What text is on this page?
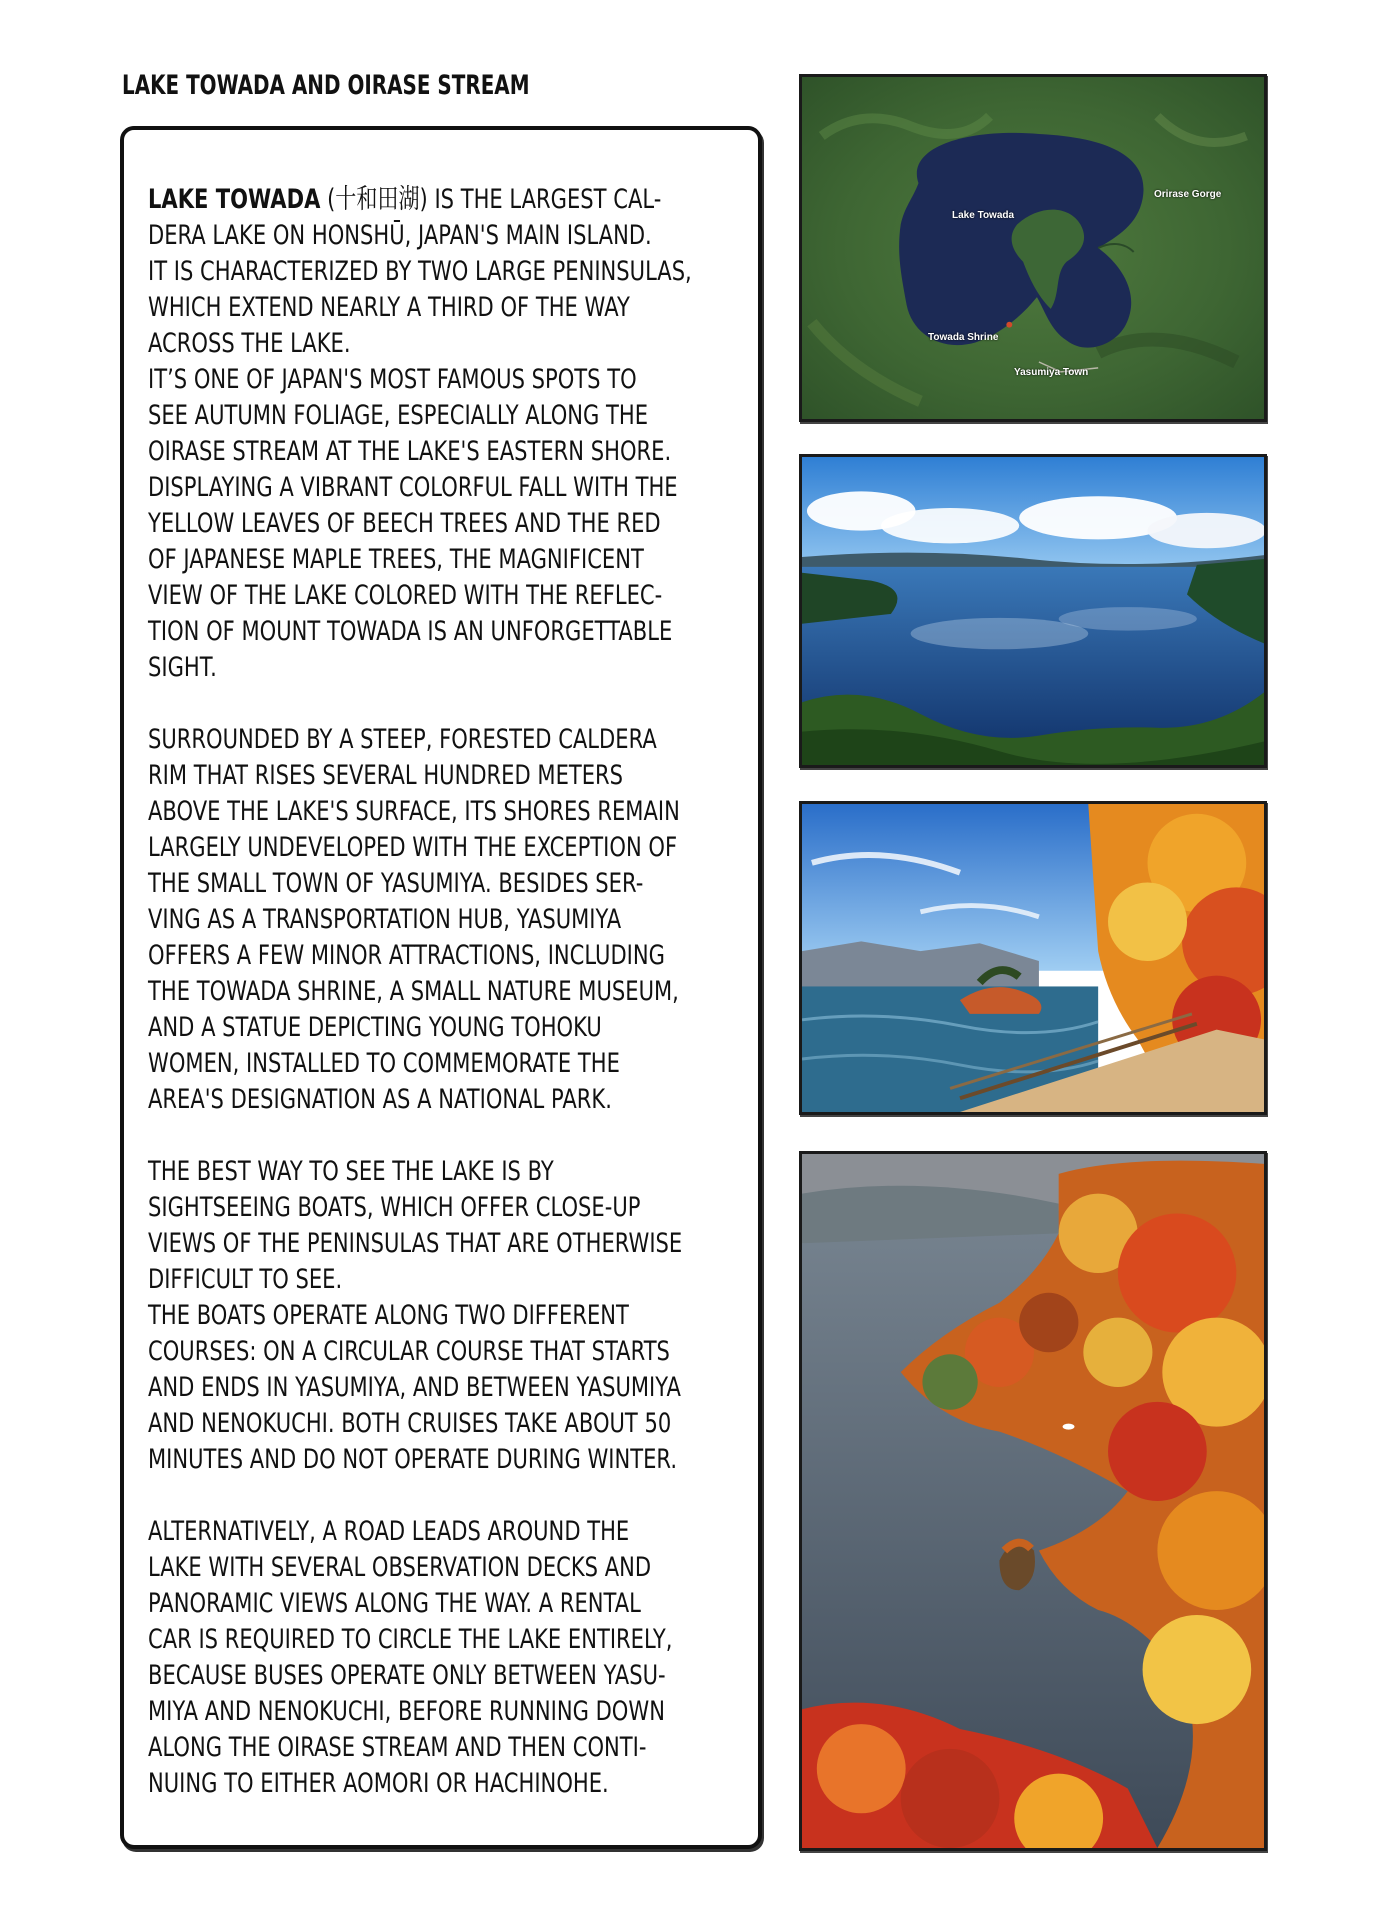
LAKE TOWADA AND OIRASE STREAM
LAKE TOWADA (十和田湖) IS THE LARGEST CAL-
DERA LAKE ON HONSHŪ, JAPAN'S MAIN ISLAND.
IT IS CHARACTERIZED BY TWO LARGE PENINSULAS,
WHICH EXTEND NEARLY A THIRD OF THE WAY
ACROSS THE LAKE.
IT’S ONE OF JAPAN'S MOST FAMOUS SPOTS TO
SEE AUTUMN FOLIAGE, ESPECIALLY ALONG THE
OIRASE STREAM AT THE LAKE'S EASTERN SHORE.
DISPLAYING A VIBRANT COLORFUL FALL WITH THE
YELLOW LEAVES OF BEECH TREES AND THE RED
OF JAPANESE MAPLE TREES, THE MAGNIFICENT
VIEW OF THE LAKE COLORED WITH THE REFLEC-
TION OF MOUNT TOWADA IS AN UNFORGETTABLE
SIGHT.
SURROUNDED BY A STEEP, FORESTED CALDERA
RIM THAT RISES SEVERAL HUNDRED METERS
ABOVE THE LAKE'S SURFACE, ITS SHORES REMAIN
LARGELY UNDEVELOPED WITH THE EXCEPTION OF
THE SMALL TOWN OF YASUMIYA. BESIDES SER-
VING AS A TRANSPORTATION HUB, YASUMIYA
OFFERS A FEW MINOR ATTRACTIONS, INCLUDING
THE TOWADA SHRINE, A SMALL NATURE MUSEUM,
AND A STATUE DEPICTING YOUNG TOHOKU
WOMEN, INSTALLED TO COMMEMORATE THE
AREA'S DESIGNATION AS A NATIONAL PARK.
THE BEST WAY TO SEE THE LAKE IS BY
SIGHTSEEING BOATS, WHICH OFFER CLOSE-UP
VIEWS OF THE PENINSULAS THAT ARE OTHERWISE
DIFFICULT TO SEE.
THE BOATS OPERATE ALONG TWO DIFFERENT
COURSES: ON A CIRCULAR COURSE THAT STARTS
AND ENDS IN YASUMIYA, AND BETWEEN YASUMIYA
AND NENOKUCHI. BOTH CRUISES TAKE ABOUT 50
MINUTES AND DO NOT OPERATE DURING WINTER.
ALTERNATIVELY, A ROAD LEADS AROUND THE
LAKE WITH SEVERAL OBSERVATION DECKS AND
PANORAMIC VIEWS ALONG THE WAY. A RENTAL
CAR IS REQUIRED TO CIRCLE THE LAKE ENTIRELY,
BECAUSE BUSES OPERATE ONLY BETWEEN YASU-
MIYA AND NENOKUCHI, BEFORE RUNNING DOWN
ALONG THE OIRASE STREAM AND THEN CONTI-
NUING TO EITHER AOMORI OR HACHINOHE.
Lake Towada
Orirase Gorge
Towada Shrine
Yasumiya Town
